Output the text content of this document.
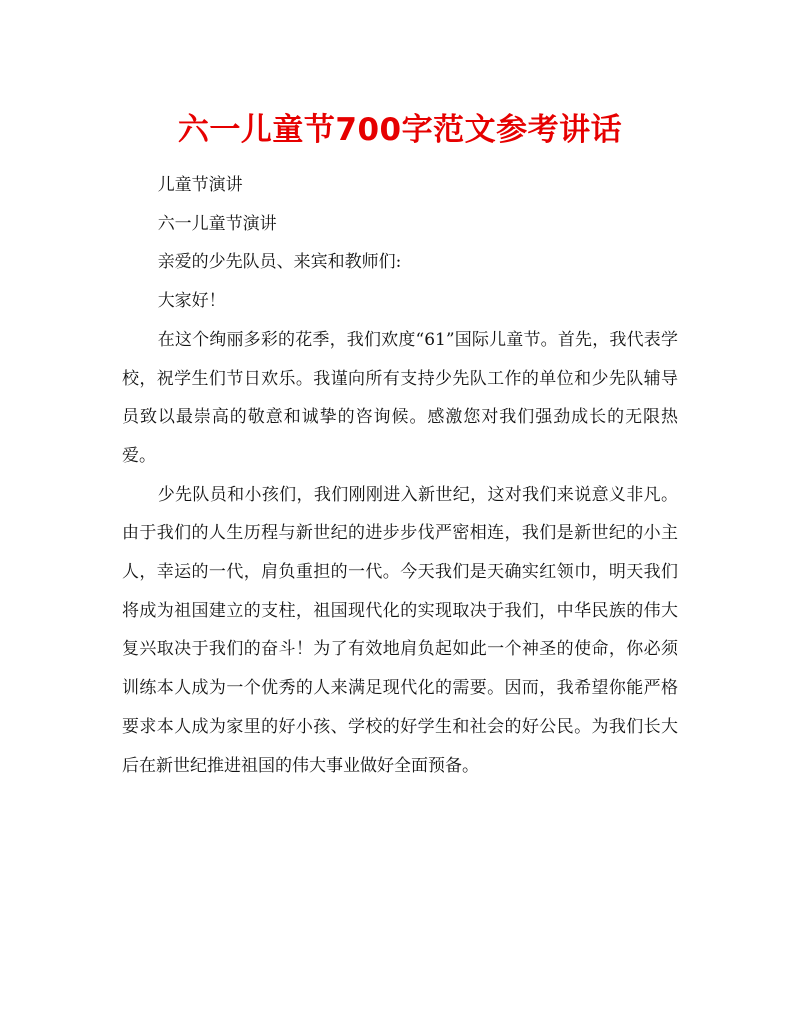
六一儿童节700字范文参考讲话

儿童节演讲

六一儿童节演讲

亲爱的少先队员、来宾和教师们:

大家好！

在这个绚丽多彩的花季，我们欢度“61”国际儿童节。首先，我代表学校，祝学生们节日欢乐。我谨向所有支持少先队工作的单位和少先队辅导员致以最崇高的敬意和诚挚的咨询候。感激您对我们强劲成长的无限热爱。

少先队员和小孩们，我们刚刚进入新世纪，这对我们来说意义非凡。由于我们的人生历程与新世纪的进步步伐严密相连，我们是新世纪的小主人，幸运的一代，肩负重担的一代。今天我们是天确实红领巾，明天我们将成为祖国建立的支柱，祖国现代化的实现取决于我们，中华民族的伟大复兴取决于我们的奋斗！为了有效地肩负起如此一个神圣的使命，你必须训练本人成为一个优秀的人来满足现代化的需要。因而，我希望你能严格要求本人成为家里的好小孩、学校的好学生和社会的好公民。为我们长大后在新世纪推进祖国的伟大事业做好全面预备。
